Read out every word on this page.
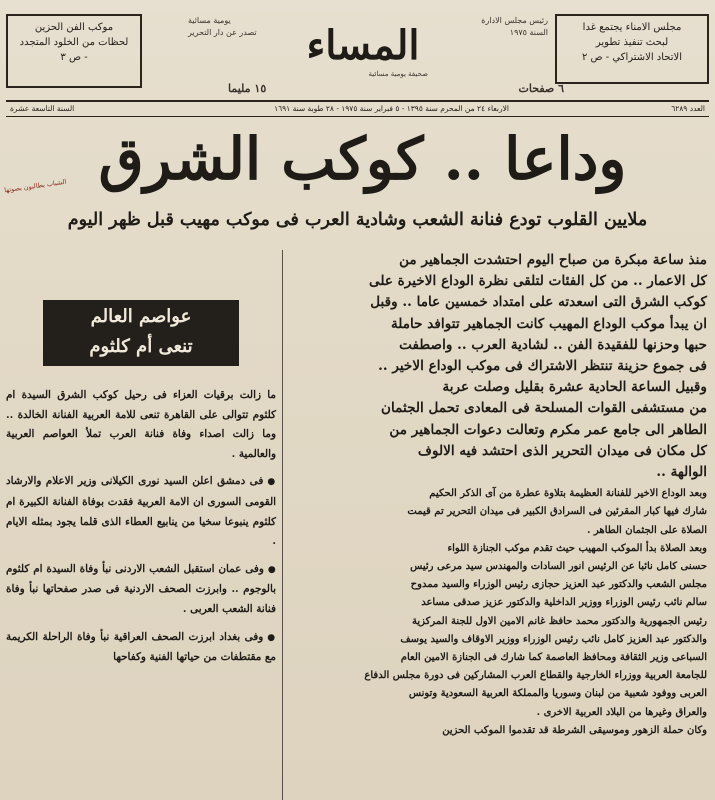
مجلس الامناء يجتمع غدا
لبحث تنفيذ تطوير
الاتحاد الاشتراكي - ص ٢
رئيس مجلس الادارة
السنة ١٩٧٥
يومية مسائية
تصدر عن دار التحرير	المساء
صحيفة يومية مسائية
٦ صفحات
١٥ مليما
موكب الفن الحزين
لحظات من الخلود المتجدد
- ص ٣
العدد ٦٢٨٩
الاربعاء ٢٤ من المحرم سنة ١٣٩٥ - ٥ فبراير سنة ١٩٧٥ - ٢٨ طوبة سنة ١٦٩١
السنة التاسعة عشرة
وداعا .. كوكب الشرق
الشباب يطالبون بصوتها
ملايين القلوب تودع فنانة الشعب وشادية العرب فى موكب مهيب قبل ظهر اليوم

منذ ساعة مبكرة من صباح اليوم احتشدت الجماهير من

كل الاعمار .. من كل الفئات لتلقى نظرة الوداع الاخيرة على

كوكب الشرق التى اسعدته على امتداد خمسين عاما .. وقبل

ان يبدأ موكب الوداع المهيب كانت الجماهير تتوافد حاملة

حبها وحزنها للفقيدة الفن .. لشادية العرب .. واصطفت

فى جموع حزينة تنتظر الاشتراك فى موكب الوداع الاخير ..

وقبيل الساعة الحادية عشرة بقليل وصلت عربة

من مستشفى القوات المسلحة فى المعادى تحمل الجثمان

الطاهر الى جامع عمر مكرم وتعالت دعوات الجماهير من

كل مكان فى ميدان التحرير الذى احتشد فيه الالوف

الوالهة ..

وبعد الوداع الاخير للفنانة العظيمة بتلاوة عطرة من آى الذكر الحكيم

شارك فيها كبار المقرئين فى السرادق الكبير فى ميدان التحرير تم قيمت

الصلاة على الجثمان الطاهر .

وبعد الصلاة بدأ الموكب المهيب حيث تقدم موكب الجنازة اللواء

حسنى كامل نائبا عن الرئيس انور السادات والمهندس سيد مرعى رئيس

مجلس الشعب والدكتور عبد العزيز حجازى رئيس الوزراء والسيد ممدوح

سالم نائب رئيس الوزراء ووزير الداخلية والدكتور عزيز صدقى مساعد

رئيس الجمهورية والدكتور محمد حافظ غانم الامين الاول للجنة المركزية

والدكتور عبد العزيز كامل نائب رئيس الوزراء ووزير الاوقاف والسيد يوسف

السباعى وزير الثقافة ومحافظ العاصمة كما شارك فى الجنازة الامين العام

للجامعة العربية ووزراء الخارجية والقطاع العرب المشاركين فى دورة مجلس الدفاع

العربى ووفود شعبية من لبنان وسوريا والمملكة العربية السعودية وتونس

والعراق وغيرها من البلاد العربية الاخرى .

وكان حملة الزهور وموسيقى الشرطة قد تقدموا الموكب الحزين

عواصم العالم
تنعى أم كلثوم

ما زالت برقيات العزاء فى رحيل كوكب الشرق السيدة ام كلثوم تتوالى على القاهرة تنعى للامة العربية الفنانة الخالدة .. وما زالت اصداء وفاة فنانة العرب تملأ العواصم العربية والعالمية .

●فى دمشق اعلن السيد نورى الكيلانى وزير الاعلام والارشاد القومى السورى ان الامة العربية فقدت بوفاة الفنانة الكبيرة ام كلثوم ينبوعا سخيا من ينابيع العطاء الذى قلما يجود بمثله الايام .

●وفى عمان استقبل الشعب الاردنى نبأ وفاة السيدة ام كلثوم بالوجوم .. وابرزت الصحف الاردنية فى صدر صفحاتها نبأ وفاة فنانة الشعب العربى .

●وفى بغداد ابرزت الصحف العراقية نبأ وفاة الراحلة الكريمة مع مقتطفات من حياتها الفنية وكفاحها
